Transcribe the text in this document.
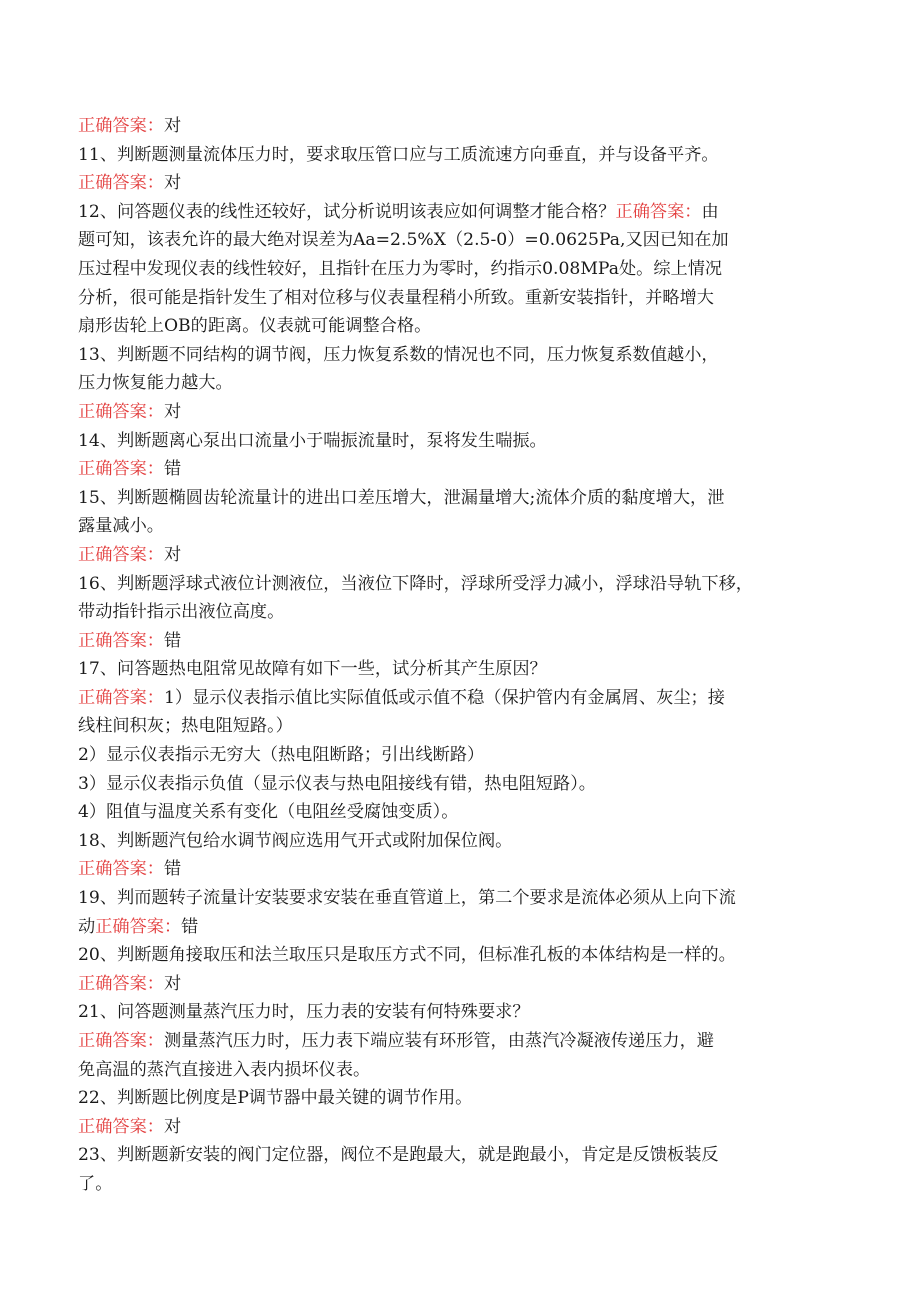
正确答案：对
11、判断题测量流体压力时，要求取压管口应与工质流速方向垂直，并与设备平齐。
正确答案：对
12、问答题仪表的线性还较好，试分析说明该表应如何调整才能合格？正确答案：由
题可知，该表允许的最大绝对误差为Aa=2.5%X（2.5-0）=0.0625Pa,又因已知在加
压过程中发现仪表的线性较好，且指针在压力为零时，约指示0.08MPa处。综上情况
分析，很可能是指针发生了相对位移与仪表量程稍小所致。重新安装指针，并略增大
扇形齿轮上OB的距离。仪表就可能调整合格。
13、判断题不同结构的调节阀，压力恢复系数的情况也不同，压力恢复系数值越小，
压力恢复能力越大。
正确答案：对
14、判断题离心泵出口流量小于喘振流量时，泵将发生喘振。
正确答案：错
15、判断题椭圆齿轮流量计的进出口差压增大，泄漏量增大;流体介质的黏度增大，泄
露量减小。
正确答案：对
16、判断题浮球式液位计测液位，当液位下降时，浮球所受浮力减小，浮球沿导轨下移，
带动指针指示出液位高度。
正确答案：错
17、问答题热电阻常见故障有如下一些，试分析其产生原因？
正确答案：1）显示仪表指示值比实际值低或示值不稳（保护管内有金属屑、灰尘；接
线柱间积灰；热电阻短路。）
2）显示仪表指示无穷大（热电阻断路；引出线断路）
3）显示仪表指示负值（显示仪表与热电阻接线有错，热电阻短路）。
4）阻值与温度关系有变化（电阻丝受腐蚀变质）。
18、判断题汽包给水调节阀应选用气开式或附加保位阀。
正确答案：错
19、判而题转子流量计安装要求安装在垂直管道上，第二个要求是流体必须从上向下流
动正确答案：错
20、判断题角接取压和法兰取压只是取压方式不同，但标准孔板的本体结构是一样的。
正确答案：对
21、问答题测量蒸汽压力时，压力表的安装有何特殊要求？
正确答案：测量蒸汽压力时，压力表下端应装有环形管，由蒸汽冷凝液传递压力，避
免高温的蒸汽直接进入表内损坏仪表。
22、判断题比例度是P调节器中最关键的调节作用。
正确答案：对
23、判断题新安装的阀门定位器，阀位不是跑最大，就是跑最小，肯定是反馈板装反
了。
